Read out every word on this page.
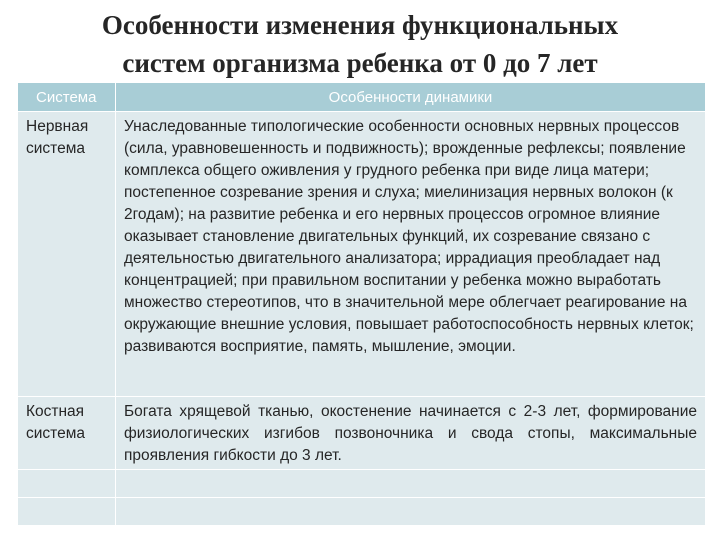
Особенности изменения функциональных
систем организма ребенка от 0 до 7 лет
Система	Особенности динамики

Нервная
система	Унаследованные типологические особенности основных нервных процессов (сила, уравновешенность и подвижность); врожденные рефлексы; появление комплекса общего оживления у грудного ребенка при виде лица матери; постепенное созревание зрения и слуха; миелинизация нервных волокон (к 2годам); на развитие ребенка и его нервных процессов огромное влияние оказывает становление двигательных функций, их созревание связано с деятельностью двигательного анализатора; иррадиация преобладает над концентрацией; при правильном воспитании у ребенка можно выработать множество стереотипов, что в значительной мере облегчает реагирование на окружающие внешние условия, повышает работоспособность нервных клеток; развиваются восприятие, память, мышление, эмоции.

Костная
система	Богата хрящевой тканью, окостенение начинается с 2-3 лет, формирование физиологических изгибов позвоночника и свода стопы, максимальные проявления гибкости до 3 лет.
